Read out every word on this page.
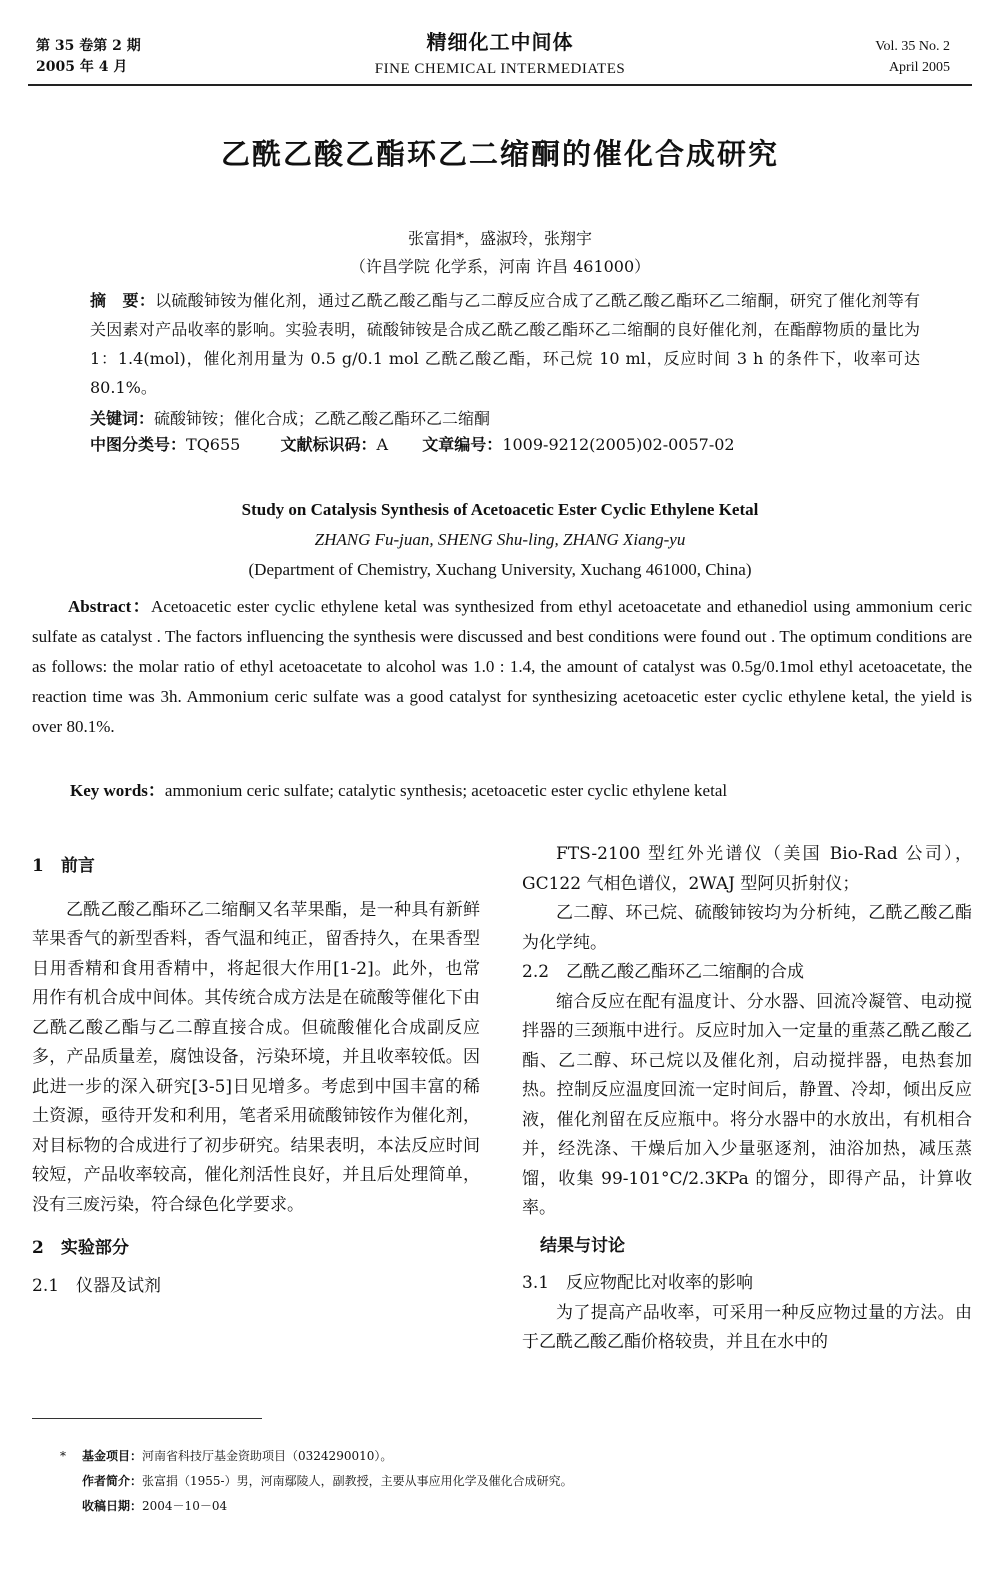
第 35 卷第 2 期
2005 年 4 月
精细化工中间体
FINE CHEMICAL INTERMEDIATES
Vol. 35 No. 2
April 2005
乙酰乙酸乙酯环乙二缩酮的催化合成研究
张富捐*，盛淑玲，张翔宇
（许昌学院 化学系，河南 许昌 461000）
摘　要：以硫酸铈铵为催化剂，通过乙酰乙酸乙酯与乙二醇反应合成了乙酰乙酸乙酯环乙二缩酮，研究了催化剂等有关因素对产品收率的影响。实验表明，硫酸铈铵是合成乙酰乙酸乙酯环乙二缩酮的良好催化剂，在酯醇物质的量比为 1：1.4(mol)，催化剂用量为 0.5 g/0.1 mol 乙酰乙酸乙酯，环己烷 10 ml，反应时间 3 h 的条件下，收率可达 80.1%。
关键词：硫酸铈铵；催化合成；乙酰乙酸乙酯环乙二缩酮
中图分类号：TQ655	文献标识码：A 文章编号：1009-9212(2005)02-0057-02
Study on Catalysis Synthesis of Acetoacetic Ester Cyclic Ethylene Ketal
ZHANG Fu-juan, SHENG Shu-ling, ZHANG Xiang-yu
(Department of Chemistry, Xuchang University, Xuchang 461000, China)
Abstract：Acetoacetic ester cyclic ethylene ketal was synthesized from ethyl acetoacetate and ethanediol using ammonium ceric sulfate as catalyst . The factors influencing the synthesis were discussed and best conditions were found out . The optimum conditions are as follows: the molar ratio of ethyl acetoacetate to alcohol was 1.0 : 1.4, the amount of catalyst was 0.5g/0.1mol ethyl acetoacetate, the reaction time was 3h. Ammonium ceric sulfate was a good catalyst for synthesizing acetoacetic ester cyclic ethylene ketal, the yield is over 80.1%.
Key words：ammonium ceric sulfate; catalytic synthesis; acetoacetic ester cyclic ethylene ketal

1　前言

乙酰乙酸乙酯环乙二缩酮又名苹果酯，是一种具有新鲜苹果香气的新型香料，香气温和纯正，留香持久，在果香型日用香精和食用香精中，将起很大作用[1-2]。此外，也常用作有机合成中间体。其传统合成方法是在硫酸等催化下由乙酰乙酸乙酯与乙二醇直接合成。但硫酸催化合成副反应多，产品质量差，腐蚀设备，污染环境，并且收率较低。因此进一步的深入研究[3-5]日见增多。考虑到中国丰富的稀土资源，亟待开发和利用，笔者采用硫酸铈铵作为催化剂，对目标物的合成进行了初步研究。结果表明，本法反应时间较短，产品收率较高，催化剂活性良好，并且后处理简单，没有三废污染，符合绿色化学要求。

2　实验部分

2.1　仪器及试剂

FTS-2100 型红外光谱仪（美国 Bio-Rad 公司），GC122 气相色谱仪，2WAJ 型阿贝折射仪；

乙二醇、环己烷、硫酸铈铵均为分析纯，乙酰乙酸乙酯为化学纯。

2.2　乙酰乙酸乙酯环乙二缩酮的合成

缩合反应在配有温度计、分水器、回流冷凝管、电动搅拌器的三颈瓶中进行。反应时加入一定量的重蒸乙酰乙酸乙酯、乙二醇、环己烷以及催化剂，启动搅拌器，电热套加热。控制反应温度回流一定时间后，静置、冷却，倾出反应液，催化剂留在反应瓶中。将分水器中的水放出，有机相合并，经洗涤、干燥后加入少量驱逐剂，油浴加热，减压蒸馏，收集 99-101°C/2.3KPa 的馏分，即得产品，计算收率。

结果与讨论

3.1　反应物配比对收率的影响

为了提高产品收率，可采用一种反应物过量的方法。由于乙酰乙酸乙酯价格较贵，并且在水中的

* 基金项目：河南省科技厅基金资助项目（0324290010）。
作者简介：张富捐（1955-）男，河南鄢陵人，副教授，主要从事应用化学及催化合成研究。
收稿日期：2004－10－04
